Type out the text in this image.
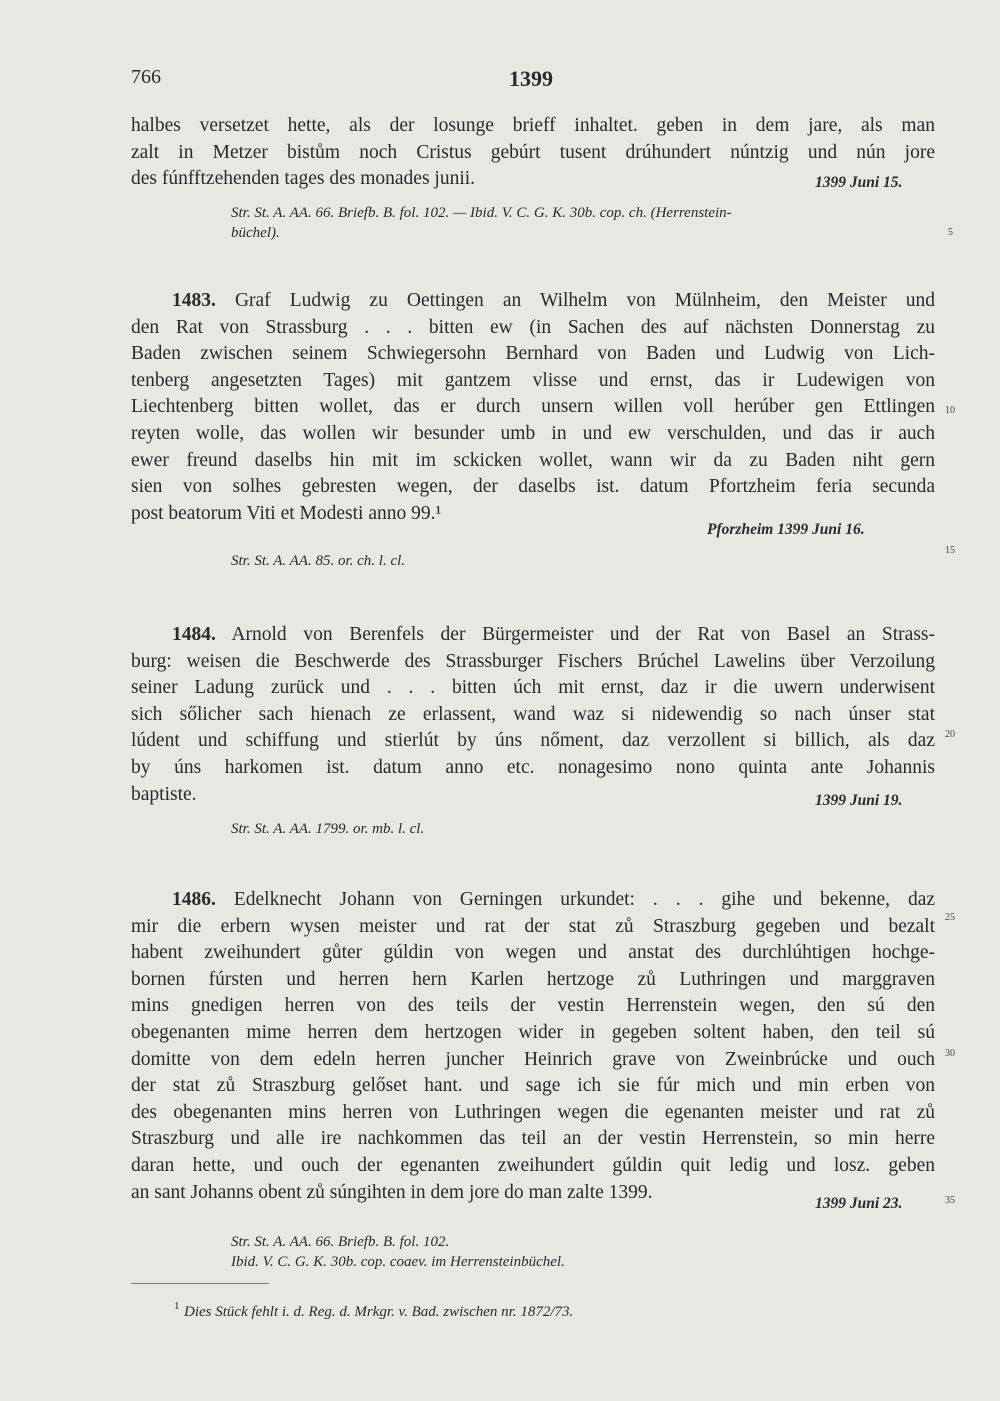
766	1399
halbes versetzet hette, als der losunge brieff inhaltet. geben in dem jare, als man
zalt in Metzer bistům noch Cristus gebúrt tusent drúhundert núntzig und nún jore
des fúnfftzehenden tages des monades junii.	1399 Juni 15.
Str. St. A. AA. 66. Briefb. B. fol. 102. — Ibid. V. C. G. K. 30b. cop. ch. (Herrenstein-
büchel).
1483. Graf Ludwig zu Oettingen an Wilhelm von Mülnheim, den Meister und
den Rat von Strassburg . . . bitten ew (in Sachen des auf nächsten Donnerstag zu
Baden zwischen seinem Schwiegersohn Bernhard von Baden und Ludwig von Lich-
tenberg angesetzten Tages) mit gantzem vlisse und ernst, das ir Ludewigen von
Liechtenberg bitten wollet, das er durch unsern willen voll herúber gen Ettlingen
reyten wolle, das wollen wir besunder umb in und ew verschulden, und das ir auch
ewer freund daselbs hin mit im sckicken wollet, wann wir da zu Baden niht gern
sien von solhes gebresten wegen, der daselbs ist. datum Pfortzheim feria secunda
post beatorum Viti et Modesti anno 99.¹
Pforzheim 1399 Juni 16.
Str. St. A. AA. 85. or. ch. l. cl.
1484. Arnold von Berenfels der Bürgermeister und der Rat von Basel an Strass-
burg: weisen die Beschwerde des Strassburger Fischers Brúchel Lawelins über Verzoilung
seiner Ladung zurück und . . . bitten úch mit ernst, daz ir die uwern underwisent
sich sőlicher sach hienach ze erlassent, wand waz si nidewendig so nach únser stat
lúdent und schiffung und stierlút by úns nőment, daz verzollent si billich, als daz
by úns harkomen ist. datum anno etc. nonagesimo nono quinta ante Johannis
baptiste.	1399 Juni 19.
Str. St. A. AA. 1799. or. mb. l. cl.
1486. Edelknecht Johann von Gerningen urkundet: . . . gihe und bekenne, daz
mir die erbern wysen meister und rat der stat zů Straszburg gegeben und bezalt
habent zweihundert gůter gúldin von wegen und anstat des durchlúhtigen hochge-
bornen fúrsten und herren hern Karlen hertzoge zů Luthringen und marggraven
mins gnedigen herren von des teils der vestin Herrenstein wegen, den sú den
obegenanten mime herren dem hertzogen wider in gegeben soltent haben, den teil sú
domitte von dem edeln herren juncher Heinrich grave von Zweinbrúcke und ouch
der stat zů Straszburg gelőset hant. und sage ich sie fúr mich und min erben von
des obegenanten mins herren von Luthringen wegen die egenanten meister und rat zů
Straszburg und alle ire nachkommen das teil an der vestin Herrenstein, so min herre
daran hette, und ouch der egenanten zweihundert gúldin quit ledig und losz. geben
an sant Johanns obent zů súngihten in dem jore do man zalte 1399.
1399 Juni 23.
Str. St. A. AA. 66. Briefb. B. fol. 102.
Ibid. V. C. G. K. 30b. cop. coaev. im Herrensteinbüchel.
1 Dies Stück fehlt i. d. Reg. d. Mrkgr. v. Bad. zwischen nr. 1872/73.
5
10
15
20
25
30
35
